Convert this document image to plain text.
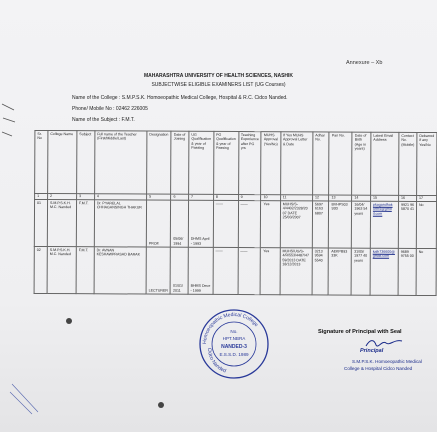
Annexure – Xb
MAHARASHTRA UNIVERSITY OF HEALTH SCIENCES, NASHIK
SUBJECTWISE ELIGIBLE EXAMINERS LIST (UG Courses)
Name of the College : S.M.P.S.K. Homoeopathic Medical College, Hospital & R.C. Cidco Nanded.
Phone/ Mobile No : 02462 226005
Name of the Subject : F.M.T.
Sr. No	College Name	Subject	Full name of the Teacher (First/Middle/Last)	Designation	Date of Joining	UG Qualification & year of Passing	PG Qualification & year of Passing	Teaching Experience after PG yrs	MUHS Approval (Yes/No)	If Yes MUHS Approval Letter & Date	Adhar No.	Pan No.	Date of Birth (Age in years)	Latest Email Address	Contact No. (Mobile)	Debarred if any Yes/No
1	2	3	4	5	6	7	8	9	10	11	12	13	14	15	16	17
01	S.M.P.S.K.H. M.C. Nanded	F.M.T.	Dr. PYARELAL CHHAGANSINGH THAKUR	PROF.	05/06/ 1994	DHMS April - 1993	——	——	Yes	MUHS/S-4/4402/2328/20 07 DATE 25/03/2007	5697 6163 6807	BVHPS03 93D	16/04/ 1963 54 years	pkagandhak urth4@gma il.com	9921 96 5870 41	No
02	S.M.P.S.K.H. M.C. Nanded	F.M.T.	Dr. AVNAN KESHAWPRASAD BARAK	LECTURER	01/01/ 2011	BHMS Dece - 1999	——	——	Yes	MUHS/UG/S-4/R/553/4487/47 59/2013 DATE 18/12/2013	3213 9594 5540	AEKPB93 33K	31/05/ 1977 40 years	kalh736600@ gmail.com	9689 9755 00	No
Homoeopathic Medical College
Cidco Nanded
No.
HPT.NBRA
NANDED-3
E.S.S.D. 1989
Signature of Principal with Seal
Principal
S.M.P.S.K. Homoeopathic Medical
College & Hospital Cidco Nanded
